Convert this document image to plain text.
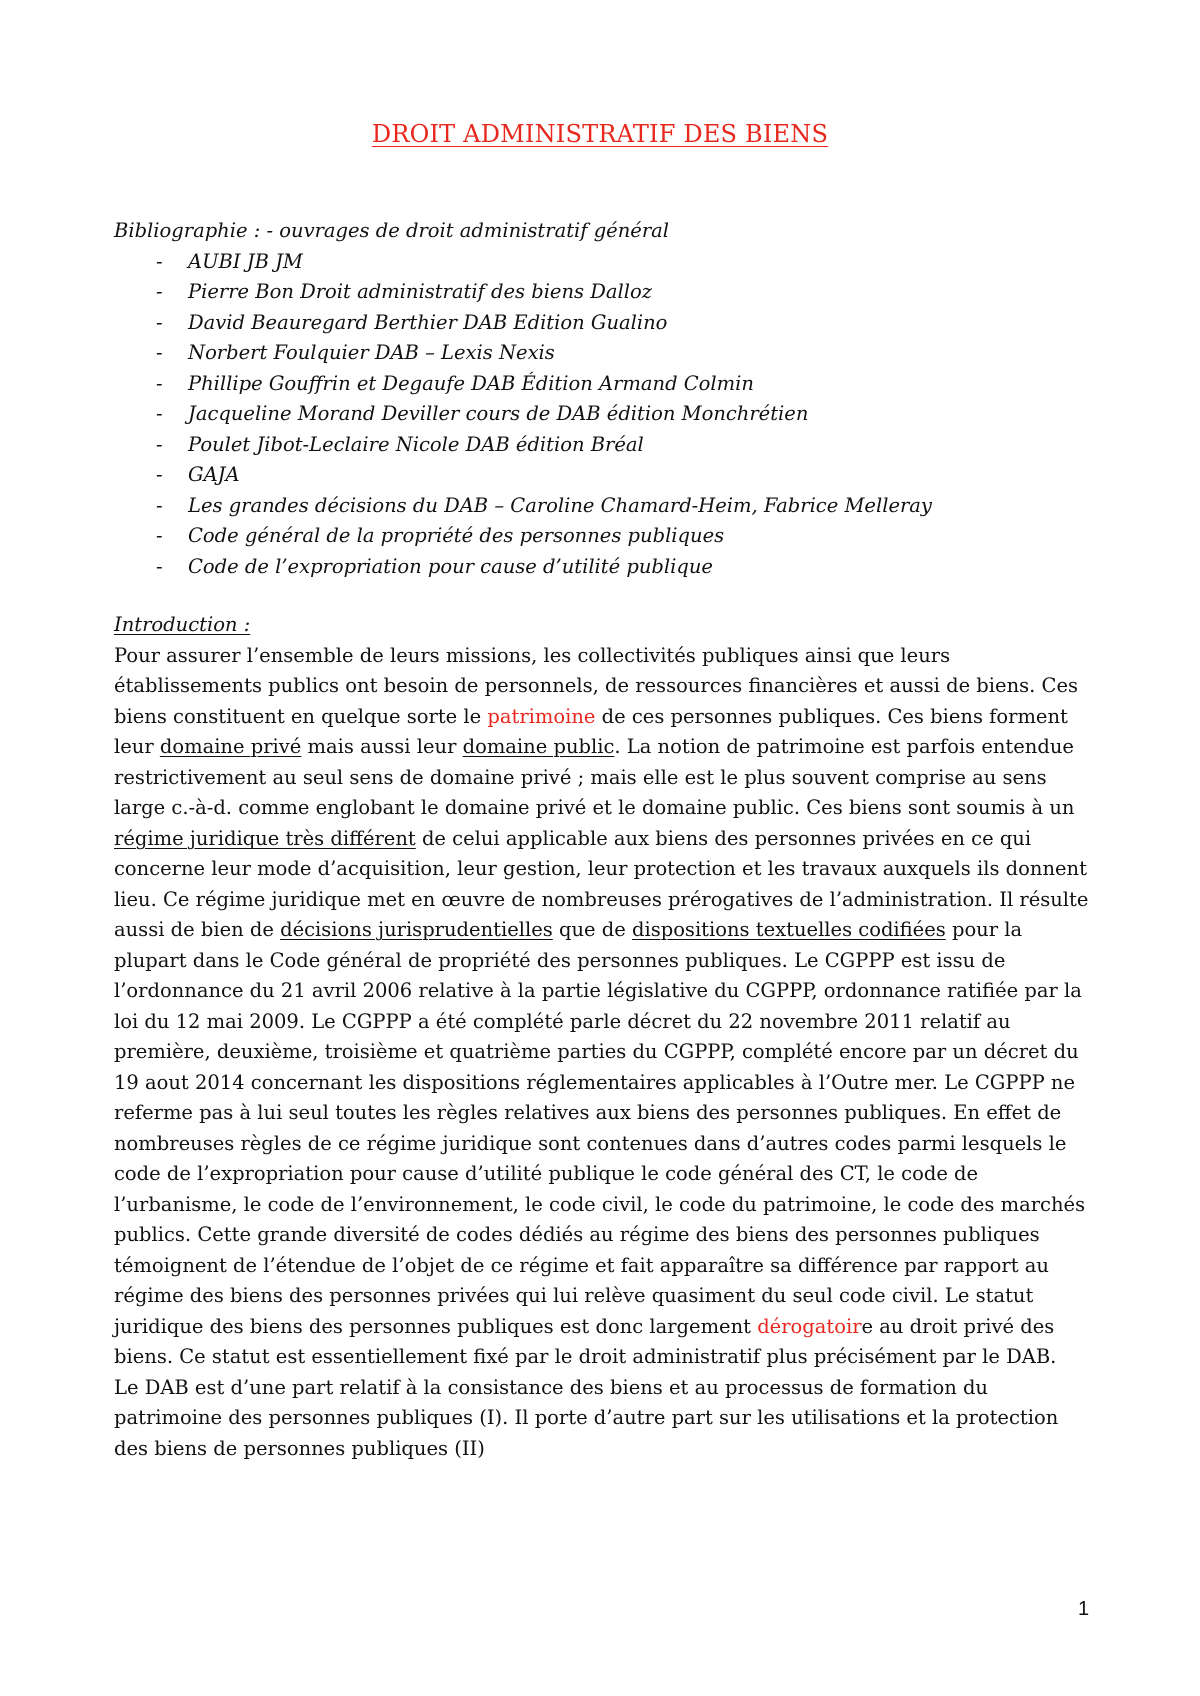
DROIT ADMINISTRATIF DES BIENS

Bibliographie : - ouvrages de droit administratif général

- AUBI JB JM
- Pierre Bon Droit administratif des biens Dalloz
- David Beauregard Berthier DAB Edition Gualino
- Norbert Foulquier DAB – Lexis Nexis
- Phillipe Gouffrin et Degaufe DAB Édition Armand Colmin
- Jacqueline Morand Deviller cours de DAB édition Monchrétien
- Poulet Jibot-Leclaire Nicole DAB édition Bréal
- GAJA
- Les grandes décisions du DAB – Caroline Chamard-Heim, Fabrice Melleray
- Code général de la propriété des personnes publiques
- Code de l’expropriation pour cause d’utilité publique

Introduction :

Pour assurer l’ensemble de leurs missions, les collectivités publiques ainsi que leurs établissements publics ont besoin de personnels, de ressources financières et aussi de biens. Ces biens constituent en quelque sorte le patrimoine de ces personnes publiques. Ces biens forment leur domaine privé mais aussi leur domaine public. La notion de patrimoine est parfois entendue restrictivement au seul sens de domaine privé ; mais elle est le plus souvent comprise au sens large c.-à-d. comme englobant le domaine privé et le domaine public. Ces biens sont soumis à un régime juridique très différent de celui applicable aux biens des personnes privées en ce qui concerne leur mode d’acquisition, leur gestion, leur protection et les travaux auxquels ils donnent lieu. Ce régime juridique met en œuvre de nombreuses prérogatives de l’administration. Il résulte aussi de bien de décisions jurisprudentielles que de dispositions textuelles codifiées pour la plupart dans le Code général de propriété des personnes publiques. Le CGPPP est issu de l’ordonnance du 21 avril 2006 relative à la partie législative du CGPPP, ordonnance ratifiée par la loi du 12 mai 2009. Le CGPPP a été complété parle décret du 22 novembre 2011 relatif au première, deuxième, troisième et quatrième parties du CGPPP, complété encore par un décret du 19 aout 2014 concernant les dispositions réglementaires applicables à l’Outre mer. Le CGPPP ne referme pas à lui seul toutes les règles relatives aux biens des personnes publiques. En effet de nombreuses règles de ce régime juridique sont contenues dans d’autres codes parmi lesquels le code de l’expropriation pour cause d’utilité publique le code général des CT, le code de l’urbanisme, le code de l’environnement, le code civil, le code du patrimoine, le code des marchés publics. Cette grande diversité de codes dédiés au régime des biens des personnes publiques témoignent de l’étendue de l’objet de ce régime et fait apparaître sa différence par rapport au régime des biens des personnes privées qui lui relève quasiment du seul code civil. Le statut juridique des biens des personnes publiques est donc largement dérogatoire au droit privé des biens. Ce statut est essentiellement fixé par le droit administratif plus précisément par le DAB.

Le DAB est d’une part relatif à la consistance des biens et au processus de formation du patrimoine des personnes publiques (I). Il porte d’autre part sur les utilisations et la protection des biens de personnes publiques (II)

1
